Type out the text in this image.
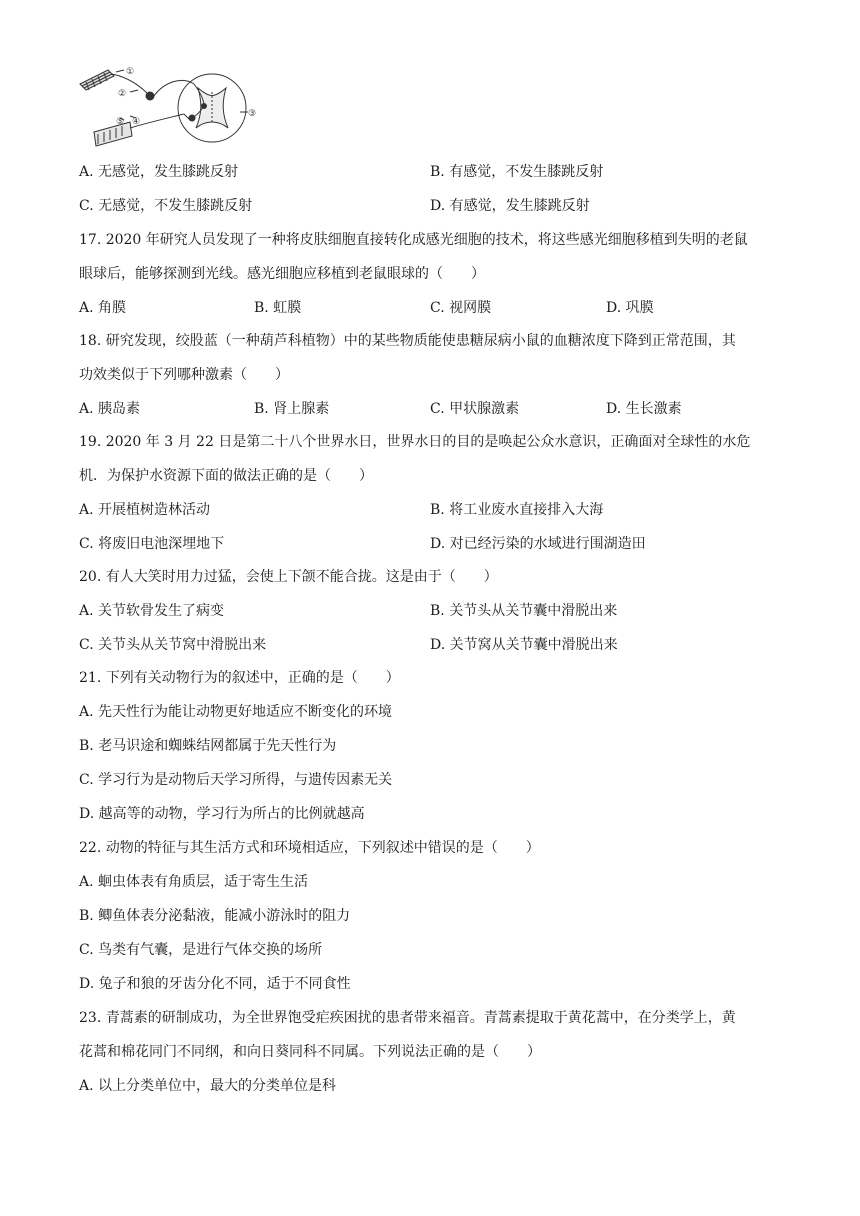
①
②
③
④
⑤
A. 无感觉，发生膝跳反射	B. 有感觉，不发生膝跳反射
C. 无感觉，不发生膝跳反射	D. 有感觉，发生膝跳反射
17. 2020 年研究人员发现了一种将皮肤细胞直接转化成感光细胞的技术，将这些感光细胞移植到失明的老鼠
眼球后，能够探测到光线。感光细胞应移植到老鼠眼球的（　　）
A. 角膜	B. 虹膜	C. 视网膜	D. 巩膜
18. 研究发现，绞股蓝（一种葫芦科植物）中的某些物质能使患糖尿病小鼠的血糖浓度下降到正常范围，其
功效类似于下列哪种激素（　　）
A. 胰岛素	B. 肾上腺素	C. 甲状腺激素	D. 生长激素
19. 2020 年 3 月 22 日是第二十八个世界水日，世界水日的目的是唤起公众水意识，正确面对全球性的水危
机．为保护水资源下面的做法正确的是（　　）
A. 开展植树造林活动	B. 将工业废水直接排入大海
C. 将废旧电池深埋地下	D. 对已经污染的水域进行围湖造田
20. 有人大笑时用力过猛，会使上下颌不能合拢。这是由于（　　）
A. 关节软骨发生了病变	B. 关节头从关节囊中滑脱出来
C. 关节头从关节窝中滑脱出来	D. 关节窝从关节囊中滑脱出来
21. 下列有关动物行为的叙述中，正确的是（　　）
A. 先天性行为能让动物更好地适应不断变化的环境
B. 老马识途和蜘蛛结网都属于先天性行为
C. 学习行为是动物后天学习所得，与遗传因素无关
D. 越高等的动物，学习行为所占的比例就越高
22. 动物的特征与其生活方式和环境相适应，下列叙述中错误的是（　　）
A. 蛔虫体表有角质层，适于寄生生活
B. 鲫鱼体表分泌黏液，能减小游泳时的阻力
C. 鸟类有气囊，是进行气体交换的场所
D. 兔子和狼的牙齿分化不同，适于不同食性
23. 青蒿素的研制成功，为全世界饱受疟疾困扰的患者带来福音。青蒿素提取于黄花蒿中，在分类学上，黄
花蒿和棉花同门不同纲，和向日葵同科不同属。下列说法正确的是（　　）
A. 以上分类单位中，最大的分类单位是科
